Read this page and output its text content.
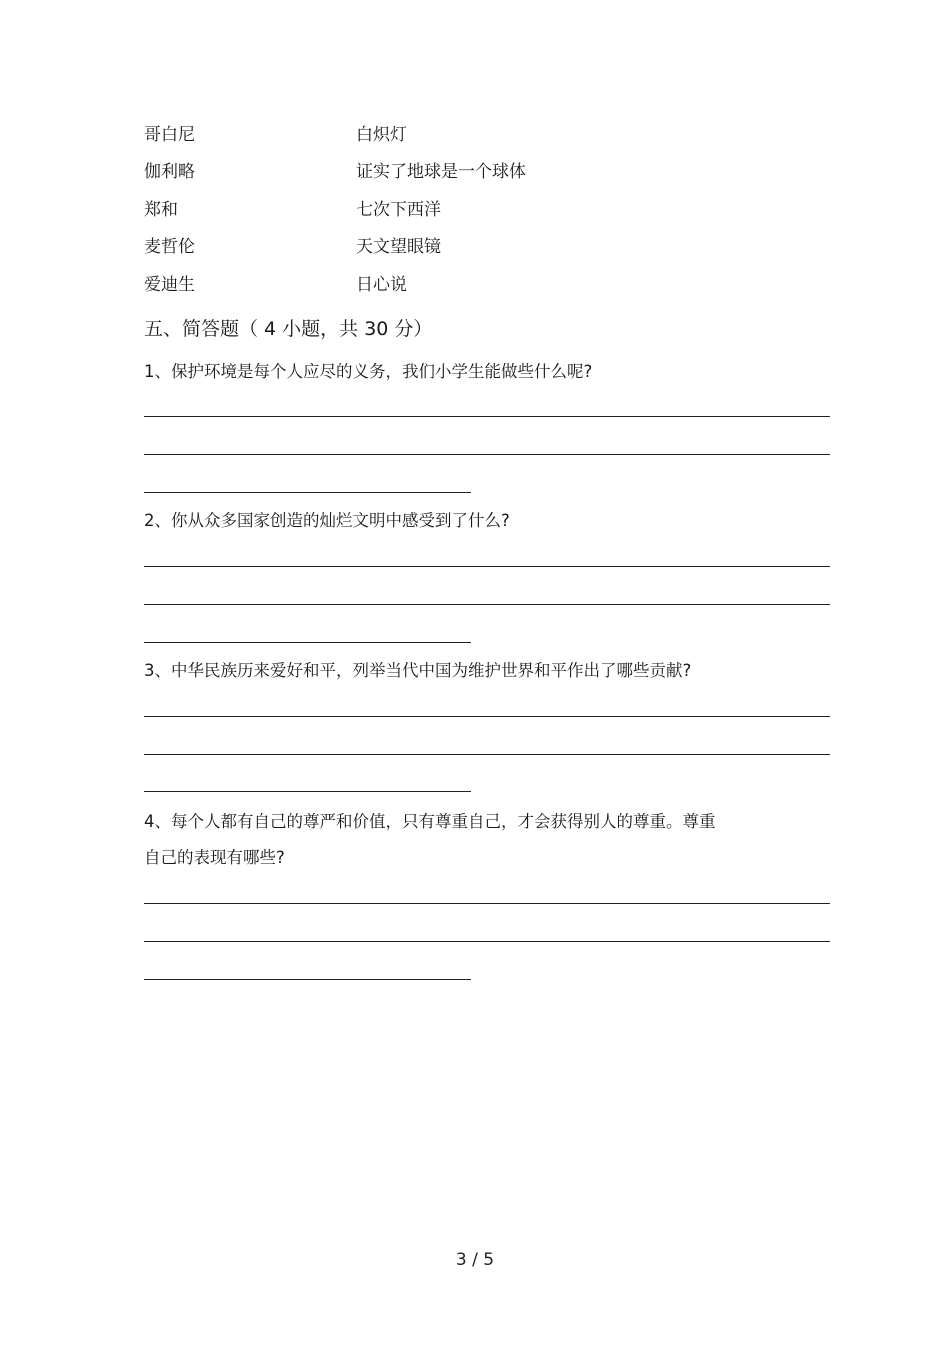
哥白尼	白炽灯
伽利略	证实了地球是一个球体
郑和	七次下西洋
麦哲伦	天文望眼镜
爱迪生	日心说
五、简答题（ 4 小题，共 30 分）
1、保护环境是每个人应尽的义务，我们小学生能做些什么呢?
2、你从众多国家创造的灿烂文明中感受到了什么?
3、中华民族历来爱好和平，列举当代中国为维护世界和平作出了哪些贡献?
4、每个人都有自己的尊严和价值，只有尊重自己，才会获得别人的尊重。尊重
自己的表现有哪些?
3 / 5
